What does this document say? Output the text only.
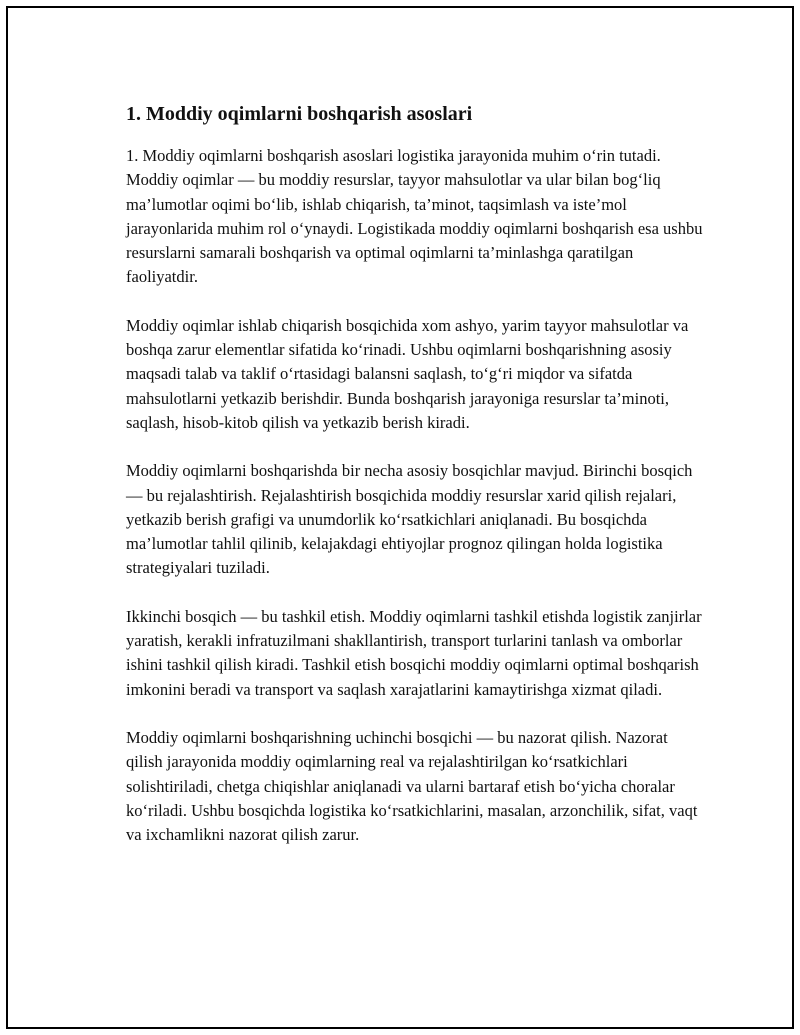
1. Moddiy oqimlarni boshqarish asoslari

1. Moddiy oqimlarni boshqarish asoslari logistika jarayonida muhim o‘rin tutadi. Moddiy oqimlar — bu moddiy resurslar, tayyor mahsulotlar va ular bilan bog‘liq ma’lumotlar oqimi bo‘lib, ishlab chiqarish, ta’minot, taqsimlash va iste’mol jarayonlarida muhim rol o‘ynaydi. Logistikada moddiy oqimlarni boshqarish esa ushbu resurslarni samarali boshqarish va optimal oqimlarni ta’minlashga qaratilgan faoliyatdir.

Moddiy oqimlar ishlab chiqarish bosqichida xom ashyo, yarim tayyor mahsulotlar va boshqa zarur elementlar sifatida ko‘rinadi. Ushbu oqimlarni boshqarishning asosiy maqsadi talab va taklif o‘rtasidagi balansni saqlash, to‘g‘ri miqdor va sifatda mahsulotlarni yetkazib berishdir. Bunda boshqarish jarayoniga resurslar ta’minoti, saqlash, hisob-kitob qilish va yetkazib berish kiradi.

Moddiy oqimlarni boshqarishda bir necha asosiy bosqichlar mavjud. Birinchi bosqich — bu rejalashtirish. Rejalashtirish bosqichida moddiy resurslar xarid qilish rejalari, yetkazib berish grafigi va unumdorlik ko‘rsatkichlari aniqlanadi. Bu bosqichda ma’lumotlar tahlil qilinib, kelajakdagi ehtiyojlar prognoz qilingan holda logistika strategiyalari tuziladi.

Ikkinchi bosqich — bu tashkil etish. Moddiy oqimlarni tashkil etishda logistik zanjirlar yaratish, kerakli infratuzilmani shakllantirish, transport turlarini tanlash va omborlar ishini tashkil qilish kiradi. Tashkil etish bosqichi moddiy oqimlarni optimal boshqarish imkonini beradi va transport va saqlash xarajatlarini kamaytirishga xizmat qiladi.

Moddiy oqimlarni boshqarishning uchinchi bosqichi — bu nazorat qilish. Nazorat qilish jarayonida moddiy oqimlarning real va rejalashtirilgan ko‘rsatkichlari solishtiriladi, chetga chiqishlar aniqlanadi va ularni bartaraf etish bo‘yicha choralar ko‘riladi. Ushbu bosqichda logistika ko‘rsatkichlarini, masalan, arzonchilik, sifat, vaqt va ixchamlikni nazorat qilish zarur.
